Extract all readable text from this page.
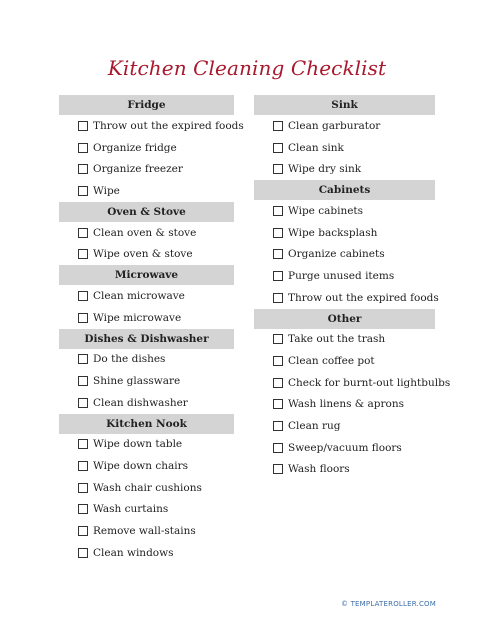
Kitchen Cleaning Checklist
Fridge
Throw out the expired foods
Organize fridge
Organize freezer
Wipe
Oven & Stove
Clean oven & stove
Wipe oven & stove
Microwave
Clean microwave
Wipe microwave
Dishes & Dishwasher
Do the dishes
Shine glassware
Clean dishwasher
Kitchen Nook
Wipe down table
Wipe down chairs
Wash chair cushions
Wash curtains
Remove wall-stains
Clean windows
Sink
Clean garburator
Clean sink
Wipe dry sink
Cabinets
Wipe cabinets
Wipe backsplash
Organize cabinets
Purge unused items
Throw out the expired foods
Other
Take out the trash
Clean coffee pot
Check for burnt-out lightbulbs
Wash linens & aprons
Clean rug
Sweep/vacuum floors
Wash floors
© TEMPLATEROLLER.COM
